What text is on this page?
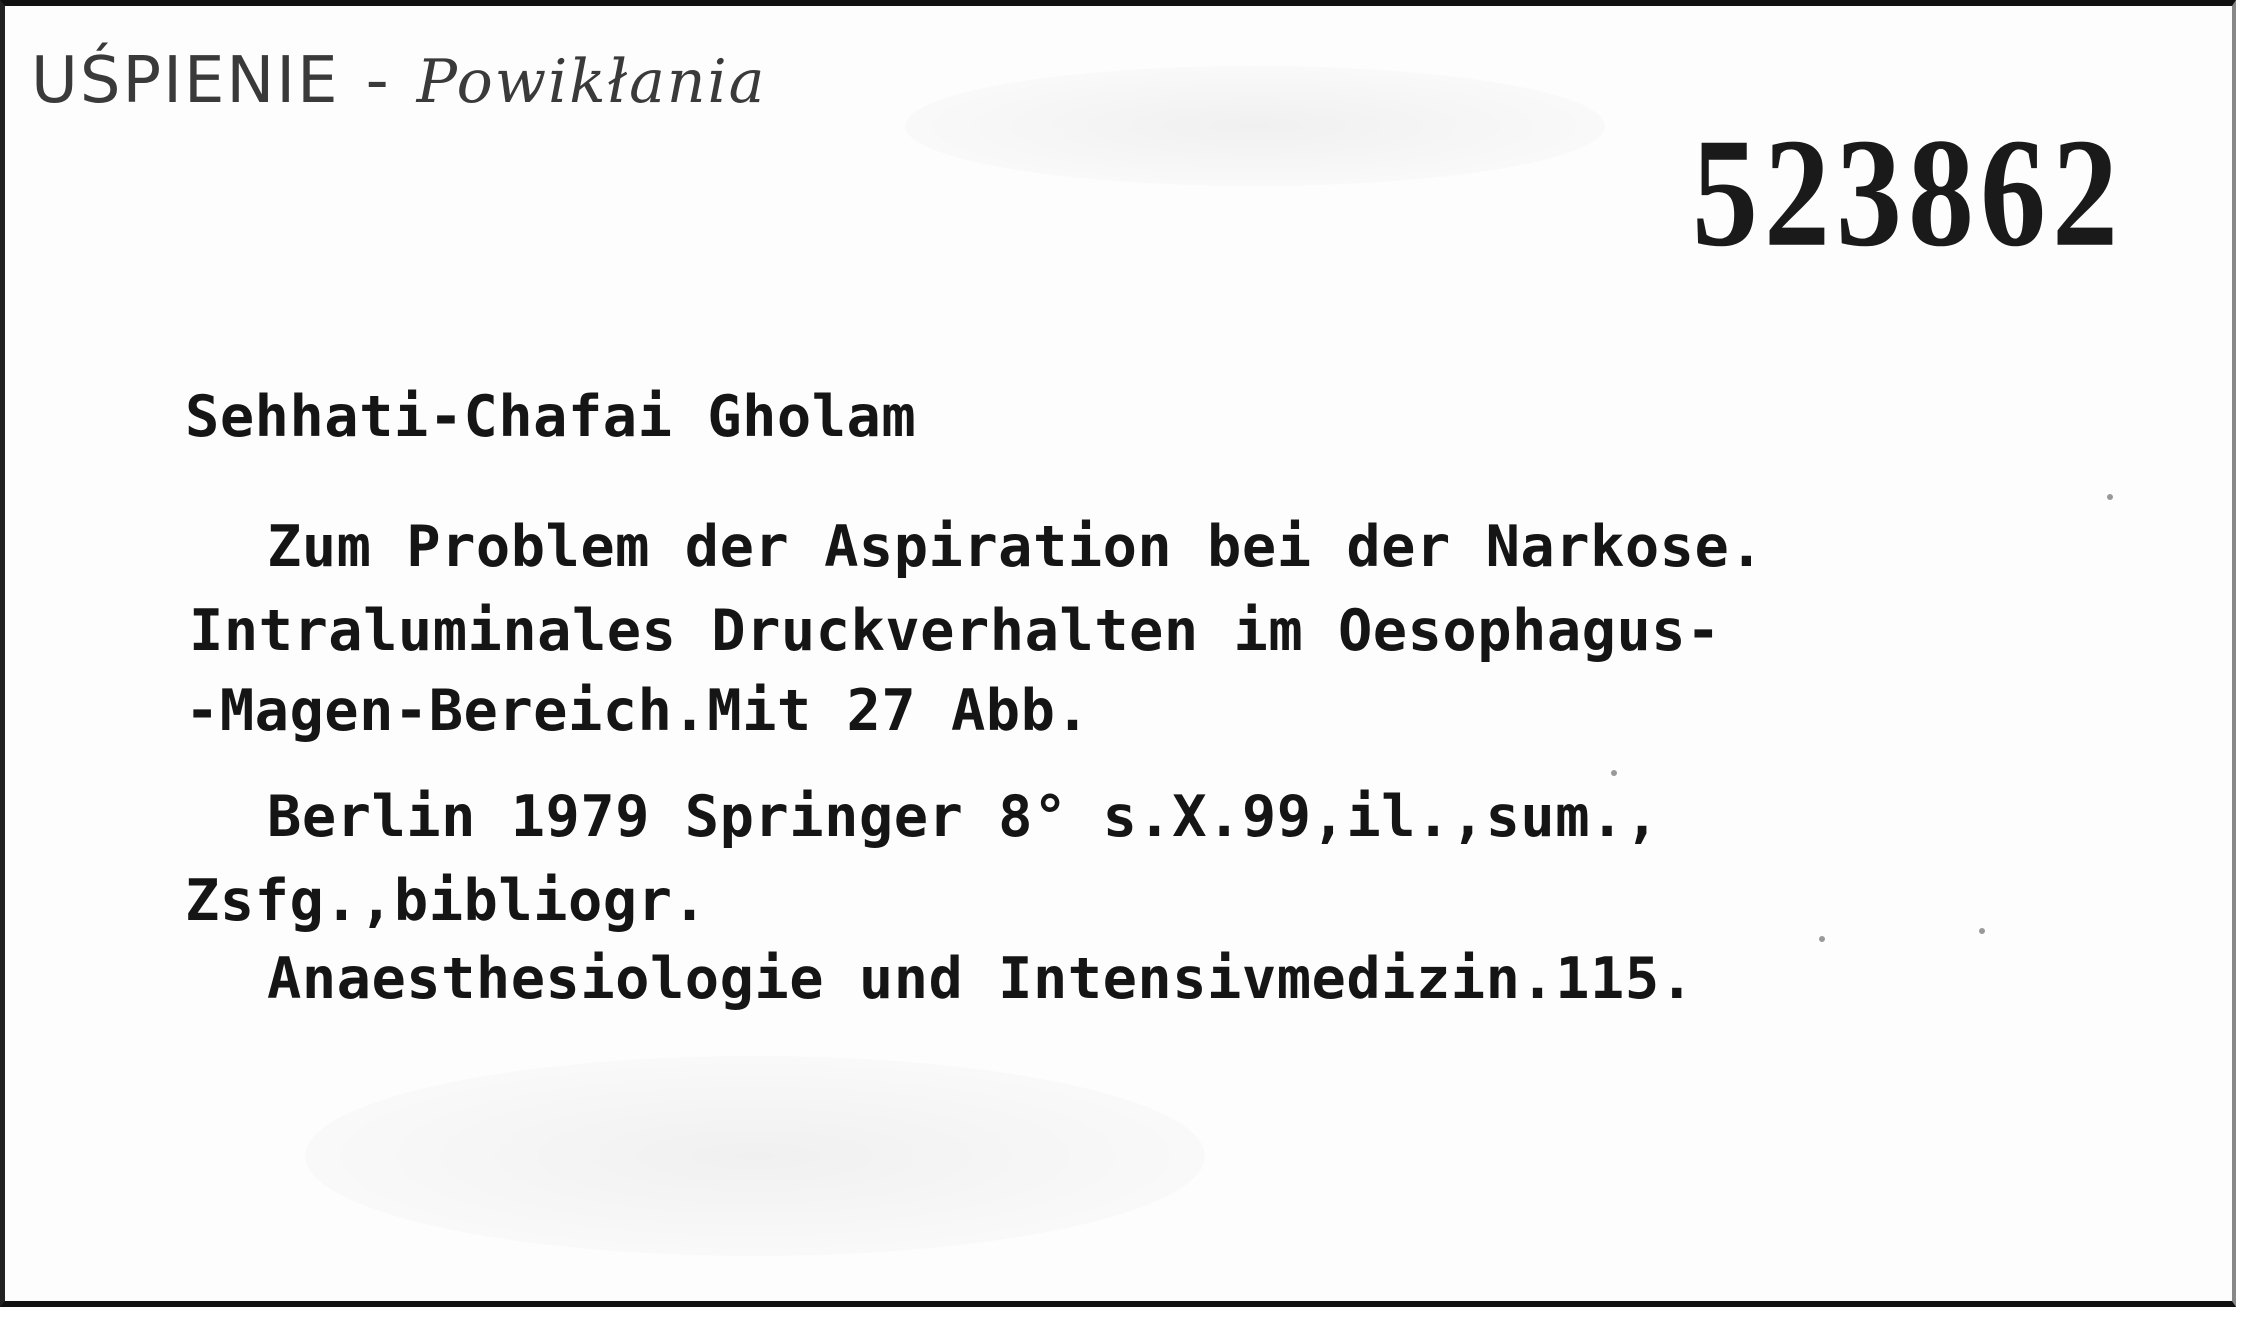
UŚPIENIE - Powikłania
523862
Sehhati-Chafai Gholam
Zum Problem der Aspiration bei der Narkose.
Intraluminales Druckverhalten im Oesophagus-
-Magen-Bereich.Mit 27 Abb.
Berlin 1979 Springer 8° s.X.99,il.,sum.,
Zsfg.,bibliogr.
Anaesthesiologie und Intensivmedizin.115.
